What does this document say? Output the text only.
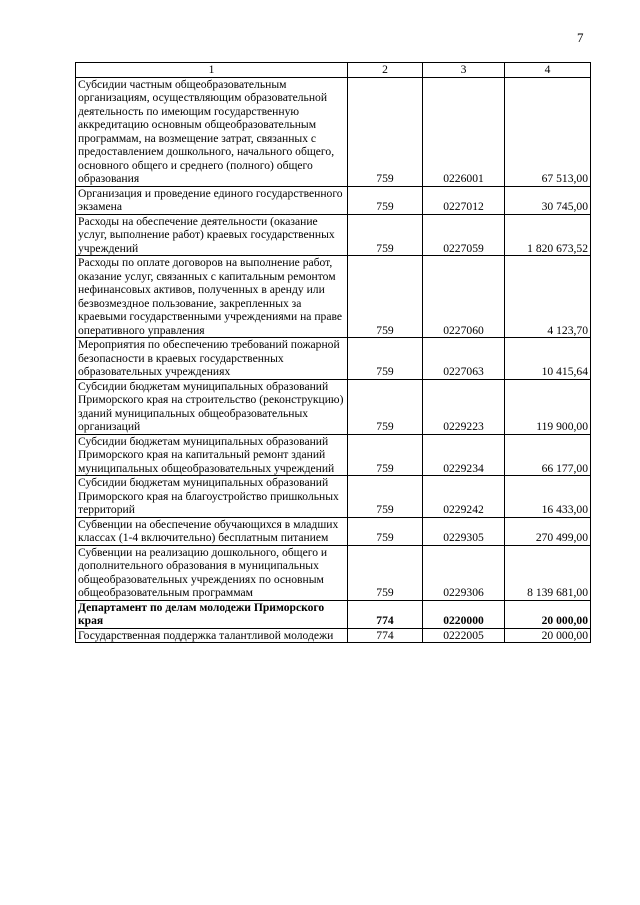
7
1	2	3	4
Субсидии частным общеобразовательным организациям, осуществляющим образовательной деятельность по имеющим государственную аккредитацию основным общеобразовательным программам, на возмещение затрат, связанных с предоставлением дошкольного, начального общего, основного общего и среднего (полного) общего образования	759	0226001	67 513,00
Организация и проведение единого государственного экзамена	759	0227012	30 745,00
Расходы на обеспечение деятельности (оказание услуг, выполнение работ) краевых государственных учреждений	759	0227059	1 820 673,52
Расходы по оплате договоров на выполнение работ, оказание услуг, связанных с капитальным ремонтом нефинансовых активов, полученных в аренду или безвозмездное пользование, закрепленных за краевыми государственными учреждениями на праве оперативного управления	759	0227060	4 123,70
Мероприятия по обеспечению требований пожарной безопасности в краевых государственных образовательных учреждениях	759	0227063	10 415,64
Субсидии бюджетам муниципальных образований Приморского края на строительство (реконструкцию) зданий муниципальных общеобразовательных организаций	759	0229223	119 900,00
Субсидии бюджетам муниципальных образований Приморского края на капитальный ремонт зданий муниципальных общеобразовательных учреждений	759	0229234	66 177,00
Субсидии бюджетам муниципальных образований Приморского края на благоустройство пришкольных территорий	759	0229242	16 433,00
Субвенции на обеспечение обучающихся в младших классах (1-4 включительно) бесплатным питанием	759	0229305	270 499,00
Субвенции на реализацию дошкольного, общего и дополнительного образования в муниципальных общеобразовательных учреждениях по основным общеобразовательным программам	759	0229306	8 139 681,00
Департамент по делам молодежи Приморского края	774	0220000	20 000,00
Государственная поддержка талантливой молодежи	774	0222005	20 000,00
